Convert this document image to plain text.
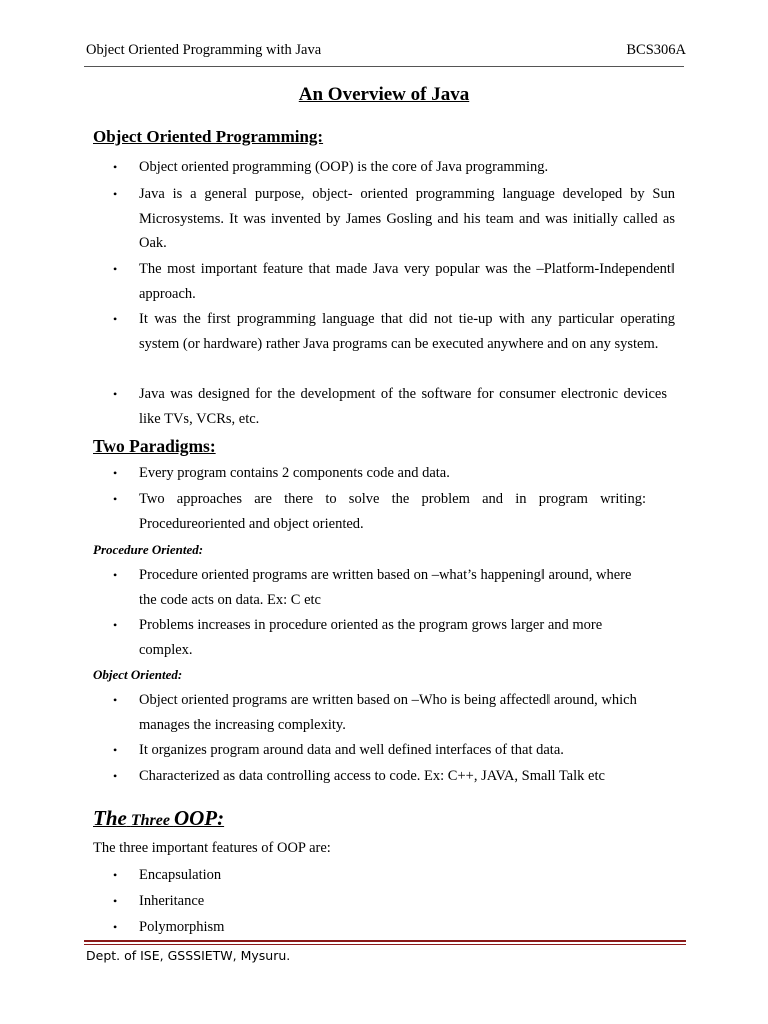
Object Oriented Programming with Java	BCS306A
An Overview of Java
Object Oriented Programming:
• Object oriented programming (OOP) is the core of Java programming.
• Java is a general purpose, object- oriented programming language developed by Sun Microsystems. It was invented by James Gosling and his team and was initially called as Oak.
• The most important feature that made Java very popular was the –Platform-Independent‖ approach.
• It was the first programming language that did not tie-up with any particular operating system (or hardware) rather Java programs can be executed anywhere and on any system.
• Java was designed for the development of the software for consumer electronic devices like TVs, VCRs, etc.
Two Paradigms:
• Every program contains 2 components code and data.
• Two approaches are there to solve the problem and in program writing: Procedureoriented and object oriented.
Procedure Oriented:
• Procedure oriented programs are written based on –what’s happening‖ around, where the code acts on data. Ex: C etc
• Problems increases in procedure oriented as the program grows larger and more complex.
Object Oriented:
• Object oriented programs are written based on –Who is being affected‖ around, which manages the increasing complexity.
• It organizes program around data and well defined interfaces of that data.
• Characterized as data controlling access to code. Ex: C++, JAVA, Small Talk etc
The Three OOP:
The three important features of OOP are:
• Encapsulation
• Inheritance
• Polymorphism
Dept. of ISE, GSSSIETW, Mysuru.
